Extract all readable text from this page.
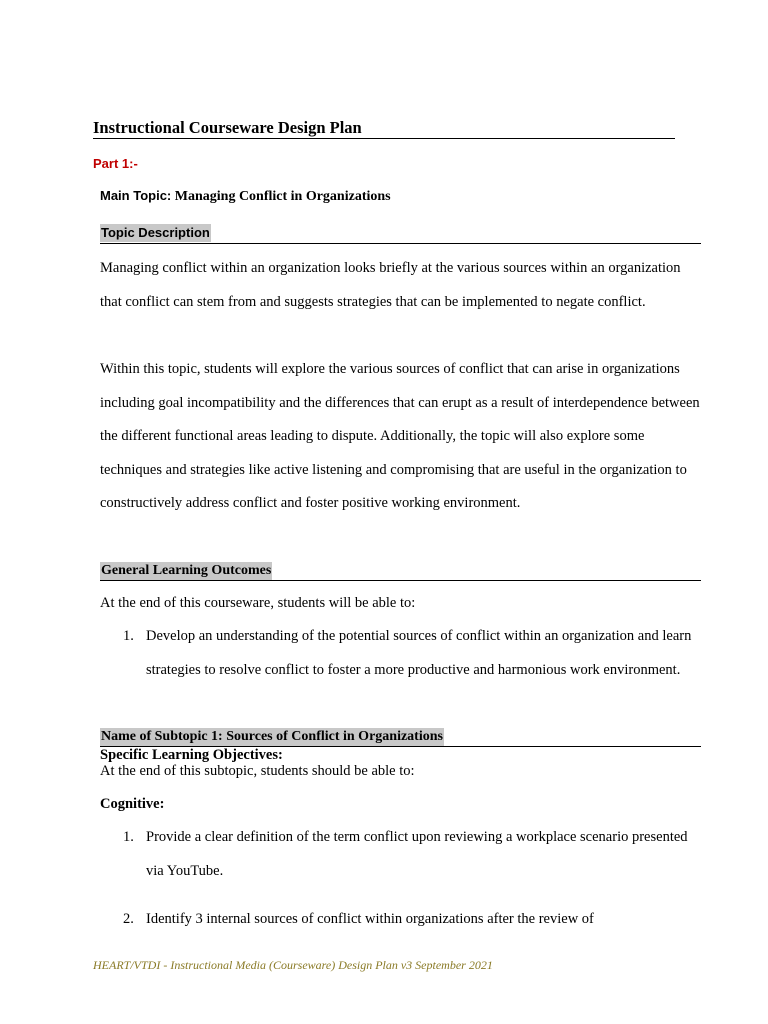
Instructional Courseware Design Plan
Part 1:-
Main Topic: Managing Conflict in Organizations
Topic Description

Managing conflict within an organization looks briefly at the various sources within an organization that conflict can stem from and suggests strategies that can be implemented to negate conflict.

Within this topic, students will explore the various sources of conflict that can arise in organizations including goal incompatibility and the differences that can erupt as a result of interdependence between the different functional areas leading to dispute. Additionally, the topic will also explore some techniques and strategies like active listening and compromising that are useful in the organization to constructively address conflict and foster positive working environment.

General Learning Outcomes

At the end of this courseware, students will be able to:

1. Develop an understanding of the potential sources of conflict within an organization and learn strategies to resolve conflict to foster a more productive and harmonious work environment.
Name of Subtopic 1: Sources of Conflict in Organizations
Specific Learning Objectives:
At the end of this subtopic, students should be able to:
Cognitive:
1. Provide a clear definition of the term conflict upon reviewing a workplace scenario presented via YouTube.
2. Identify 3 internal sources of conflict within organizations after the review of
HEART/VTDI - Instructional Media (Courseware) Design Plan v3 September 2021
